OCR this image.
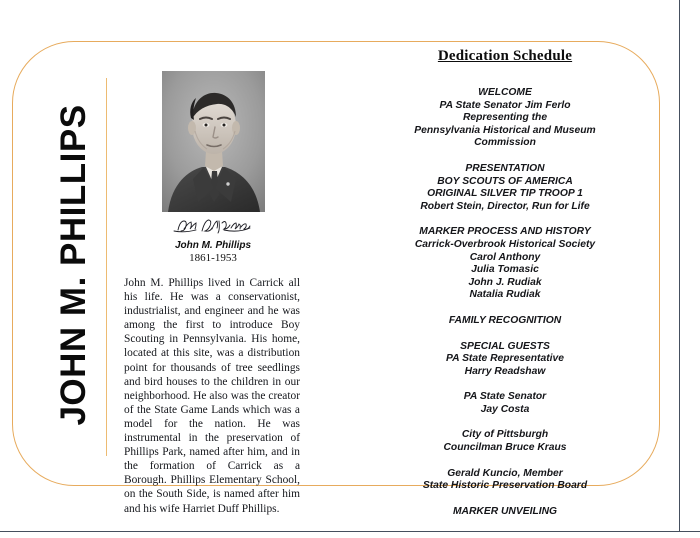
JOHN M. PHILLIPS	John M. Phillips
1861-1953
John M. Phillips lived in Carrick all his life. He was a conservationist, industrialist, and engineer and he was among the first to introduce Boy Scouting in Pennsylvania. His home, located at this site, was a distribution point for thousands of tree seedlings and bird houses to the children in our neighborhood. He also was the creator of the State Game Lands which was a model for the nation. He was instrumental in the preservation of Phillips Park, named after him, and in the formation of Carrick as a Borough. Phillips Elementary School, on the South Side, is named after him and his wife Harriet Duff Phillips.
Dedication Schedule
WELCOME
PA State Senator Jim Ferlo
Representing the
Pennsylvania Historical and Museum
Commission
PRESENTATION
BOY SCOUTS OF AMERICA
ORIGINAL SILVER TIP TROOP 1
Robert Stein, Director, Run for Life
MARKER PROCESS AND HISTORY
Carrick-Overbrook Historical Society
Carol Anthony
Julia Tomasic
John J. Rudiak
Natalia Rudiak
FAMILY RECOGNITION
SPECIAL GUESTS
PA State Representative
Harry Readshaw
PA State Senator
Jay Costa
City of Pittsburgh
Councilman Bruce Kraus
Gerald Kuncio, Member
State Historic Preservation Board
MARKER UNVEILING
